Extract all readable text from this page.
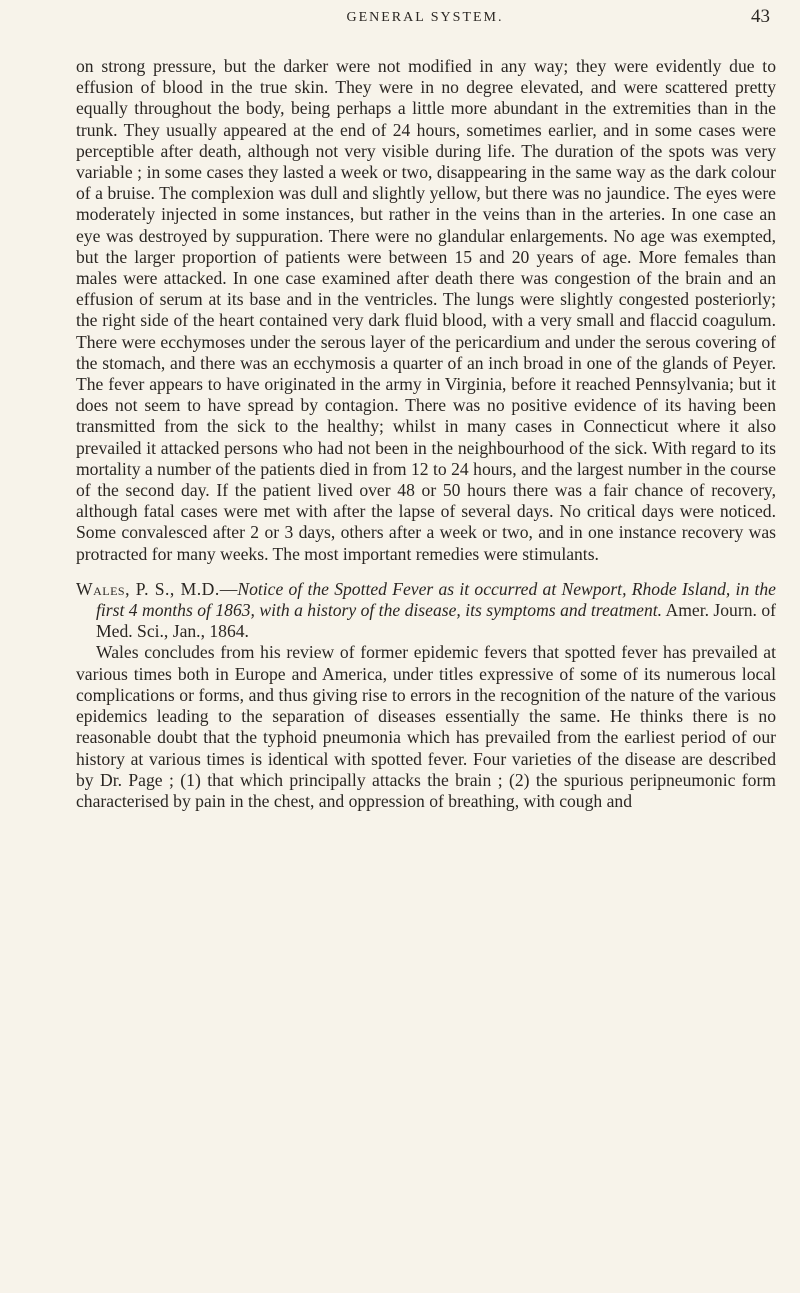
GENERAL SYSTEM.	43

on strong pressure, but the darker were not modified in any way; they were evidently due to effusion of blood in the true skin. They were in no degree elevated, and were scattered pretty equally throughout the body, being perhaps a little more abundant in the extremities than in the trunk. They usually appeared at the end of 24 hours, sometimes earlier, and in some cases were perceptible after death, although not very visible during life. The duration of the spots was very variable ; in some cases they lasted a week or two, disappearing in the same way as the dark colour of a bruise. The complexion was dull and slightly yellow, but there was no jaundice. The eyes were moderately injected in some instances, but rather in the veins than in the arteries. In one case an eye was destroyed by suppuration. There were no glandular enlargements. No age was exempted, but the larger proportion of patients were between 15 and 20 years of age. More females than males were attacked. In one case examined after death there was congestion of the brain and an effusion of serum at its base and in the ventricles. The lungs were slightly congested posteriorly; the right side of the heart contained very dark fluid blood, with a very small and flaccid coagulum. There were ecchymoses under the serous layer of the pericardium and under the serous covering of the stomach, and there was an ecchymosis a quarter of an inch broad in one of the glands of Peyer. The fever appears to have originated in the army in Virginia, before it reached Pennsylvania; but it does not seem to have spread by contagion. There was no positive evidence of its having been transmitted from the sick to the healthy; whilst in many cases in Connecticut where it also prevailed it attacked persons who had not been in the neighbourhood of the sick. With regard to its mortality a number of the patients died in from 12 to 24 hours, and the largest number in the course of the second day. If the patient lived over 48 or 50 hours there was a fair chance of recovery, although fatal cases were met with after the lapse of several days. No critical days were noticed. Some convalesced after 2 or 3 days, others after a week or two, and in one instance recovery was protracted for many weeks. The most important remedies were stimulants.

Wales, P. S., M.D.—Notice of the Spotted Fever as it occurred at Newport, Rhode Island, in the first 4 months of 1863, with a history of the disease, its symptoms and treatment. Amer. Journ. of Med. Sci., Jan., 1864.

Wales concludes from his review of former epidemic fevers that spotted fever has prevailed at various times both in Europe and America, under titles expressive of some of its numerous local complications or forms, and thus giving rise to errors in the recognition of the nature of the various epidemics leading to the separation of diseases essentially the same. He thinks there is no reasonable doubt that the typhoid pneumonia which has prevailed from the earliest period of our history at various times is identical with spotted fever. Four varieties of the disease are described by Dr. Page ; (1) that which principally attacks the brain ; (2) the spurious peripneumonic form characterised by pain in the chest, and oppression of breathing, with cough and
